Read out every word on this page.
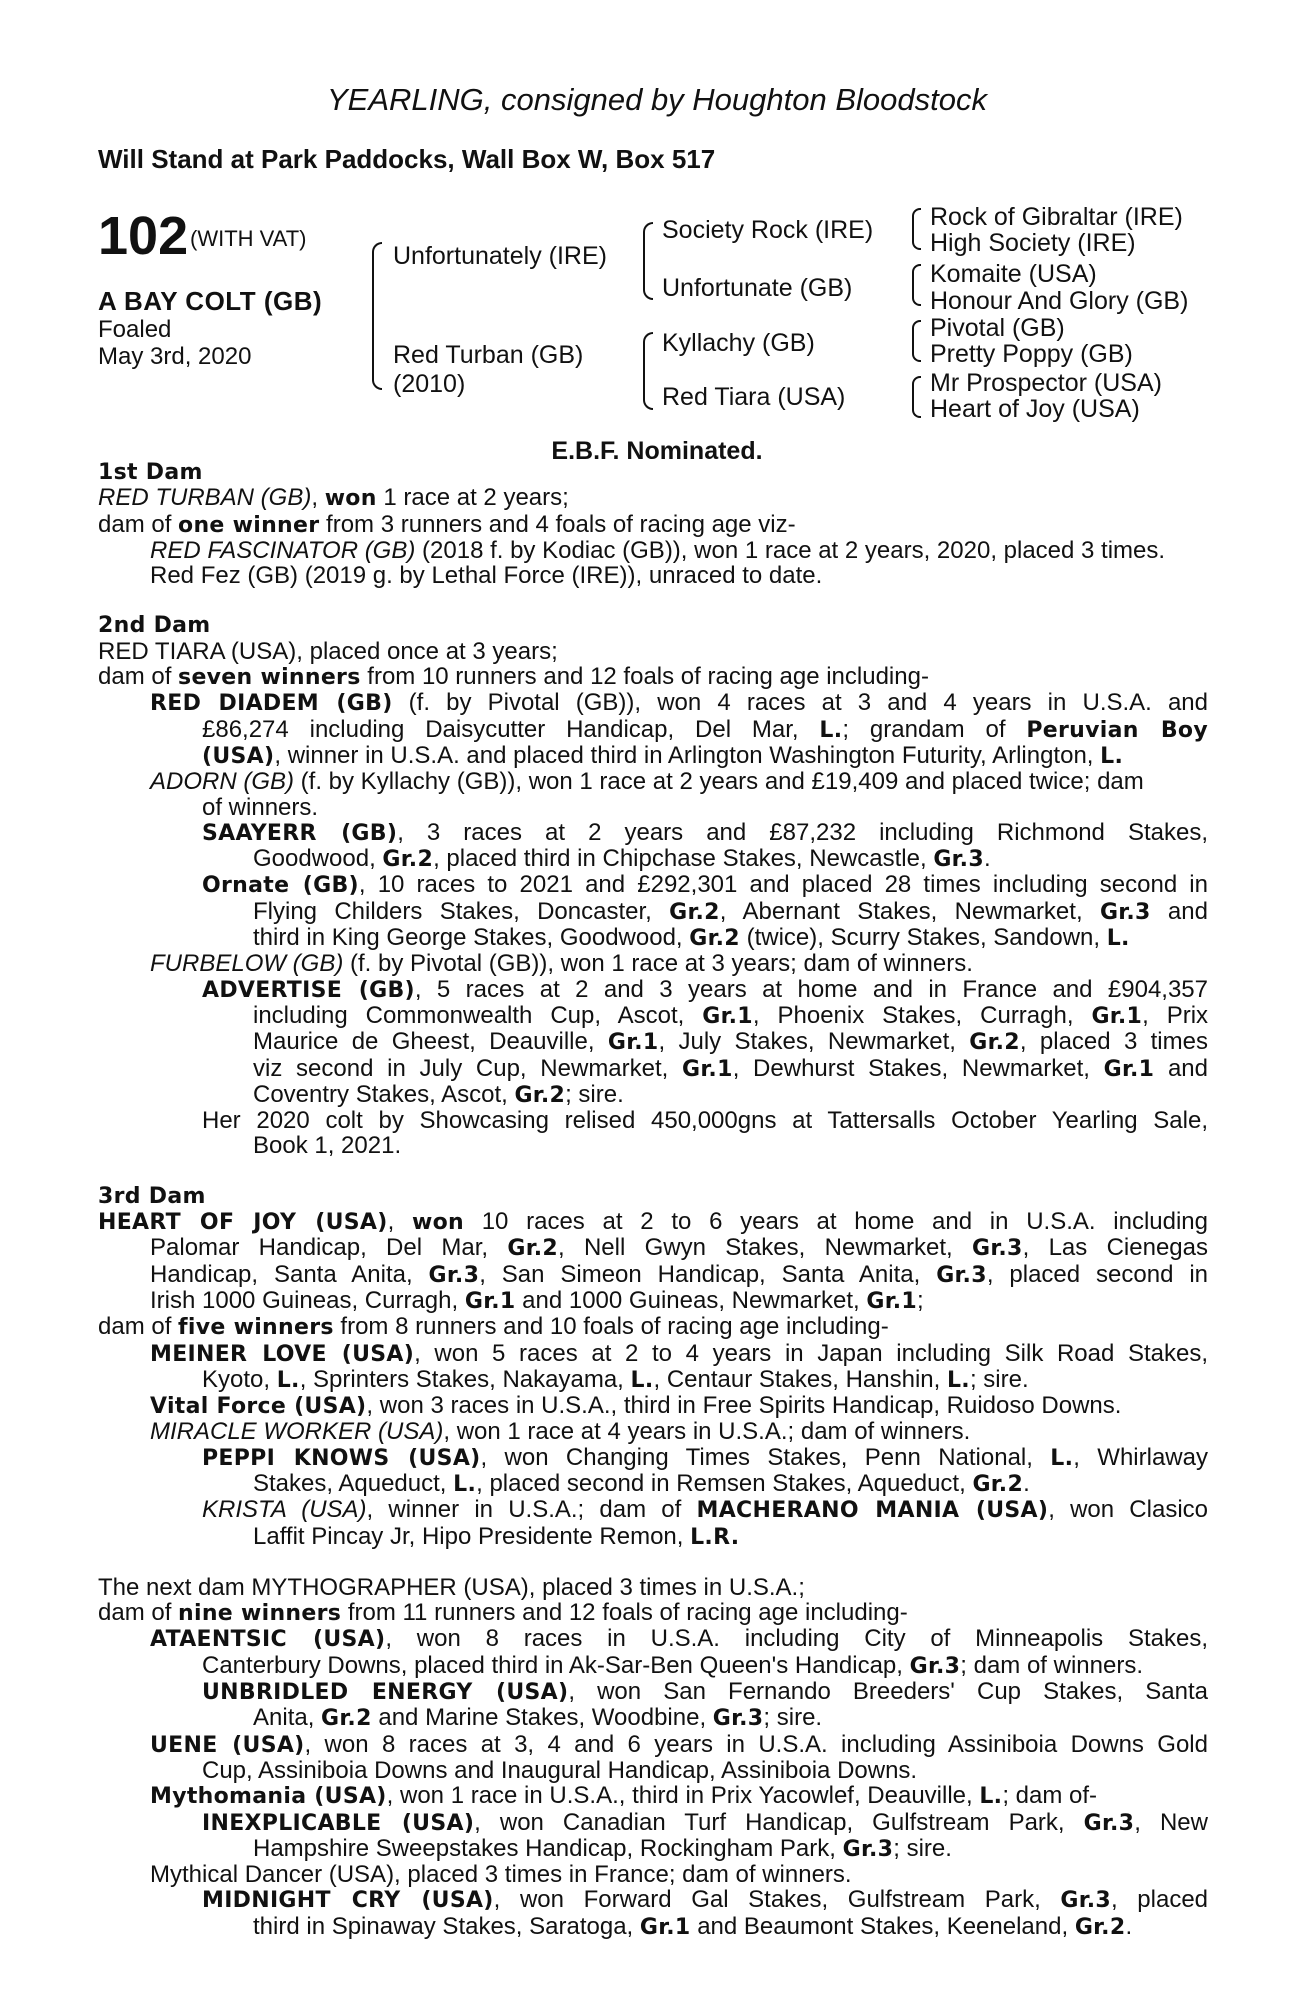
YEARLING, consigned by Houghton Bloodstock
Will Stand at Park Paddocks, Wall Box W, Box 517
102 (WITH VAT)
A BAY COLT (GB)
Foaled
May 3rd, 2020
Unfortunately (IRE)
Red Turban (GB)
(2010)
Society Rock (IRE)
Unfortunate (GB)
Kyllachy (GB)
Red Tiara (USA)
Rock of Gibraltar (IRE)
High Society (IRE)
Komaite (USA)
Honour And Glory (GB)
Pivotal (GB)
Pretty Poppy (GB)
Mr Prospector (USA)
Heart of Joy (USA)
E.B.F. Nominated.
1st Dam
RED TURBAN (GB), won 1 race at 2 years;
dam of one winner from 3 runners and 4 foals of racing age viz-
RED FASCINATOR (GB) (2018 f. by Kodiac (GB)), won 1 race at 2 years, 2020, placed 3 times.
Red Fez (GB) (2019 g. by Lethal Force (IRE)), unraced to date.
2nd Dam
RED TIARA (USA), placed once at 3 years;
dam of seven winners from 10 runners and 12 foals of racing age including-
RED DIADEM (GB) (f. by Pivotal (GB)), won 4 races at 3 and 4 years in U.S.A. and
£86,274 including Daisycutter Handicap, Del Mar, L.; grandam of Peruvian Boy
(USA), winner in U.S.A. and placed third in Arlington Washington Futurity, Arlington, L.
ADORN (GB) (f. by Kyllachy (GB)), won 1 race at 2 years and £19,409 and placed twice; dam
of winners.
SAAYERR (GB), 3 races at 2 years and £87,232 including Richmond Stakes,
Goodwood, Gr.2, placed third in Chipchase Stakes, Newcastle, Gr.3.
Ornate (GB), 10 races to 2021 and £292,301 and placed 28 times including second in
Flying Childers Stakes, Doncaster, Gr.2, Abernant Stakes, Newmarket, Gr.3 and
third in King George Stakes, Goodwood, Gr.2 (twice), Scurry Stakes, Sandown, L.
FURBELOW (GB) (f. by Pivotal (GB)), won 1 race at 3 years; dam of winners.
ADVERTISE (GB), 5 races at 2 and 3 years at home and in France and £904,357
including Commonwealth Cup, Ascot, Gr.1, Phoenix Stakes, Curragh, Gr.1, Prix
Maurice de Gheest, Deauville, Gr.1, July Stakes, Newmarket, Gr.2, placed 3 times
viz second in July Cup, Newmarket, Gr.1, Dewhurst Stakes, Newmarket, Gr.1 and
Coventry Stakes, Ascot, Gr.2; sire.
Her 2020 colt by Showcasing relised 450,000gns at Tattersalls October Yearling Sale,
Book 1, 2021.
3rd Dam
HEART OF JOY (USA), won 10 races at 2 to 6 years at home and in U.S.A. including
Palomar Handicap, Del Mar, Gr.2, Nell Gwyn Stakes, Newmarket, Gr.3, Las Cienegas
Handicap, Santa Anita, Gr.3, San Simeon Handicap, Santa Anita, Gr.3, placed second in
Irish 1000 Guineas, Curragh, Gr.1 and 1000 Guineas, Newmarket, Gr.1;
dam of five winners from 8 runners and 10 foals of racing age including-
MEINER LOVE (USA), won 5 races at 2 to 4 years in Japan including Silk Road Stakes,
Kyoto, L., Sprinters Stakes, Nakayama, L., Centaur Stakes, Hanshin, L.; sire.
Vital Force (USA), won 3 races in U.S.A., third in Free Spirits Handicap, Ruidoso Downs.
MIRACLE WORKER (USA), won 1 race at 4 years in U.S.A.; dam of winners.
PEPPI KNOWS (USA), won Changing Times Stakes, Penn National, L., Whirlaway
Stakes, Aqueduct, L., placed second in Remsen Stakes, Aqueduct, Gr.2.
KRISTA (USA), winner in U.S.A.; dam of MACHERANO MANIA (USA), won Clasico
Laffit Pincay Jr, Hipo Presidente Remon, L.R.
The next dam MYTHOGRAPHER (USA), placed 3 times in U.S.A.;
dam of nine winners from 11 runners and 12 foals of racing age including-
ATAENTSIC (USA), won 8 races in U.S.A. including City of Minneapolis Stakes,
Canterbury Downs, placed third in Ak-Sar-Ben Queen's Handicap, Gr.3; dam of winners.
UNBRIDLED ENERGY (USA), won San Fernando Breeders' Cup Stakes, Santa
Anita, Gr.2 and Marine Stakes, Woodbine, Gr.3; sire.
UENE (USA), won 8 races at 3, 4 and 6 years in U.S.A. including Assiniboia Downs Gold
Cup, Assiniboia Downs and Inaugural Handicap, Assiniboia Downs.
Mythomania (USA), won 1 race in U.S.A., third in Prix Yacowlef, Deauville, L.; dam of-
INEXPLICABLE (USA), won Canadian Turf Handicap, Gulfstream Park, Gr.3, New
Hampshire Sweepstakes Handicap, Rockingham Park, Gr.3; sire.
Mythical Dancer (USA), placed 3 times in France; dam of winners.
MIDNIGHT CRY (USA), won Forward Gal Stakes, Gulfstream Park, Gr.3, placed
third in Spinaway Stakes, Saratoga, Gr.1 and Beaumont Stakes, Keeneland, Gr.2.
